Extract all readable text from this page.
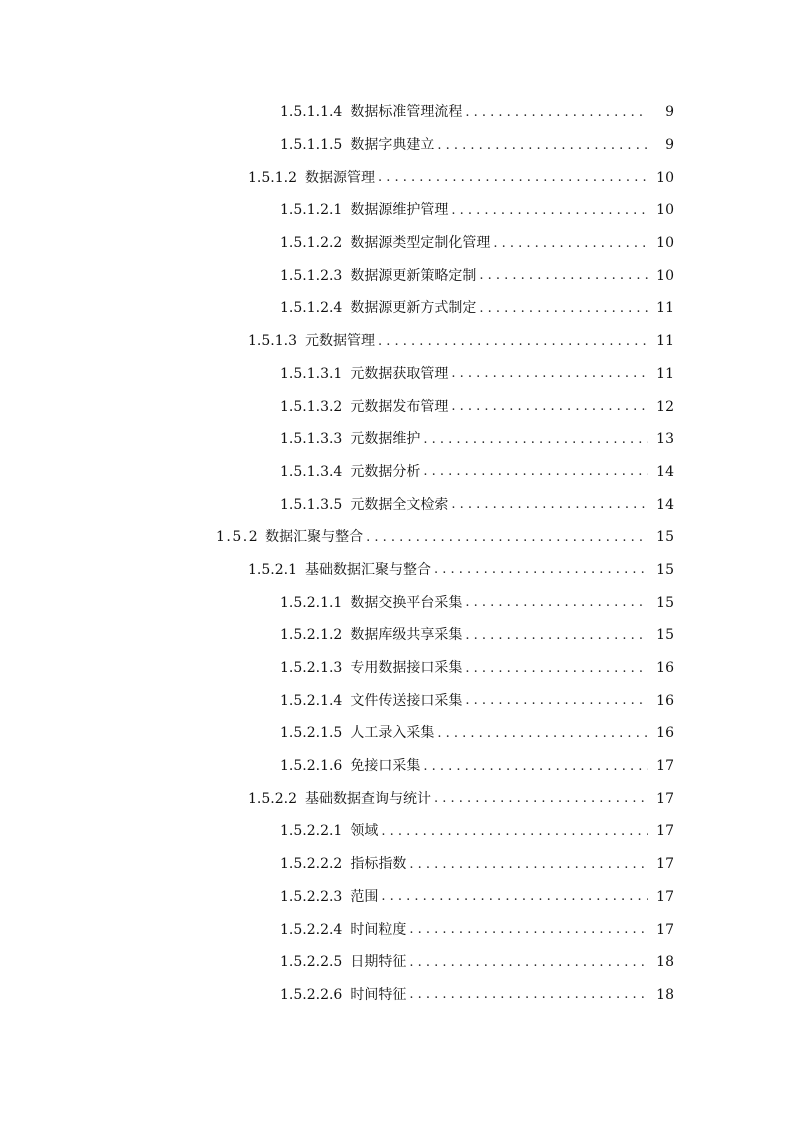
1.5.1.1.4 数据标准管理流程 . . .	9
1.5.1.1.5 数据字典建立 . . .	9
1.5.1.2 数据源管理 . . .	10
1.5.1.2.1 数据源维护管理 . . .	10
1.5.1.2.2 数据源类型定制化管理 . . .	10
1.5.1.2.3 数据源更新策略定制 . . .	10
1.5.1.2.4 数据源更新方式制定 . . .	11
1.5.1.3 元数据管理 . . .	11
1.5.1.3.1 元数据获取管理 . . .	11
1.5.1.3.2 元数据发布管理 . . .	12
1.5.1.3.3 元数据维护 . . .	13
1.5.1.3.4 元数据分析 . . .	14
1.5.1.3.5 元数据全文检索 . . .	14
1.5.2 数据汇聚与整合 . . .	15
1.5.2.1 基础数据汇聚与整合 . . .	15
1.5.2.1.1 数据交换平台采集 . . .	15
1.5.2.1.2 数据库级共享采集 . . .	15
1.5.2.1.3 专用数据接口采集 . . .	16
1.5.2.1.4 文件传送接口采集 . . .	16
1.5.2.1.5 人工录入采集 . . .	16
1.5.2.1.6 免接口采集 . . .	17
1.5.2.2 基础数据查询与统计 . . .	17
1.5.2.2.1 领域 . . .	17
1.5.2.2.2 指标指数 . . .	17
1.5.2.2.3 范围 . . .	17
1.5.2.2.4 时间粒度 . . .	17
1.5.2.2.5 日期特征 . . .	18
1.5.2.2.6 时间特征 . . .	18
